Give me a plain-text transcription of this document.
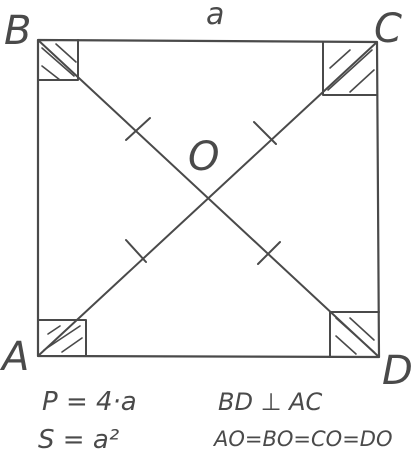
B	C
A	D
a
O
P = 4·a
S = a²
BD ⊥ AC
AO=BO=CO=DO
